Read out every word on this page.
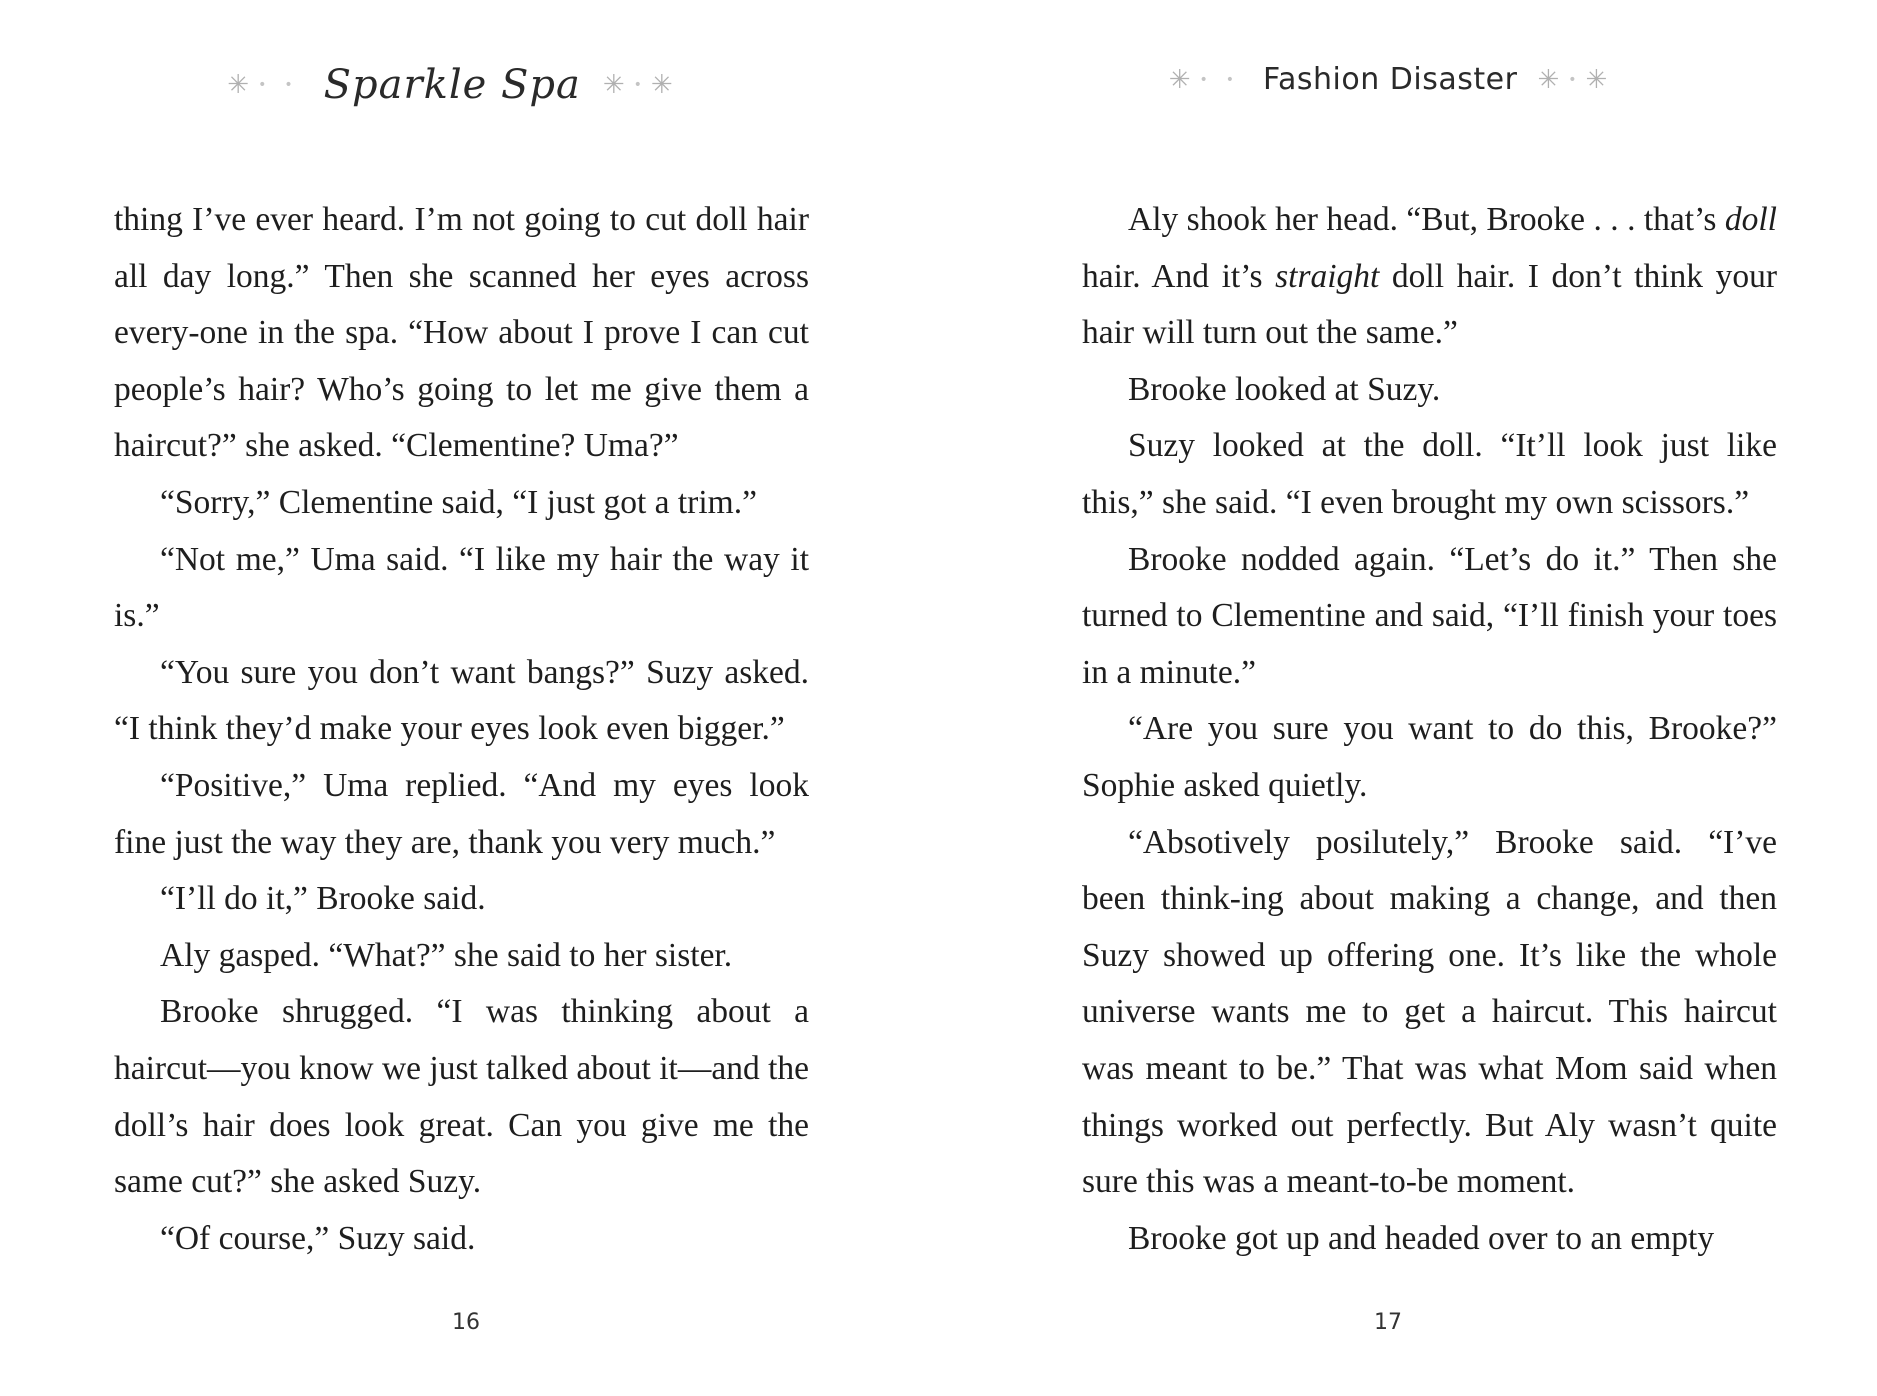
✳ • • Sparkle Spa ✳ • ✳

thing I’ve ever heard. I’m not going to cut doll hair all day long.” Then she scanned her eyes across every-one in the spa. “How about I prove I can cut people’s hair? Who’s going to let me give them a haircut?” she asked. “Clementine? Uma?”

“Sorry,” Clementine said, “I just got a trim.”

“Not me,” Uma said. “I like my hair the way it is.”

“You sure you don’t want bangs?” Suzy asked. “I think they’d make your eyes look even bigger.”

“Positive,” Uma replied. “And my eyes look fine just the way they are, thank you very much.”

“I’ll do it,” Brooke said.

Aly gasped. “What?” she said to her sister.

Brooke shrugged. “I was thinking about a haircut—you know we just talked about it—and the doll’s hair does look great. Can you give me the same cut?” she asked Suzy.

“Of course,” Suzy said.

16
✳ • • Fashion Disaster ✳ • ✳

Aly shook her head. “But, Brooke . . . that’s doll hair. And it’s straight doll hair. I don’t think your hair will turn out the same.”

Brooke looked at Suzy.

Suzy looked at the doll. “It’ll look just like this,” she said. “I even brought my own scissors.”

Brooke nodded again. “Let’s do it.” Then she turned to Clementine and said, “I’ll finish your toes in a minute.”

“Are you sure you want to do this, Brooke?” Sophie asked quietly.

“Absotively posilutely,” Brooke said. “I’ve been think-ing about making a change, and then Suzy showed up offering one. It’s like the whole universe wants me to get a haircut. This haircut was meant to be.” That was what Mom said when things worked out perfectly. But Aly wasn’t quite sure this was a meant-to-be moment.

Brooke got up and headed over to an empty

17
